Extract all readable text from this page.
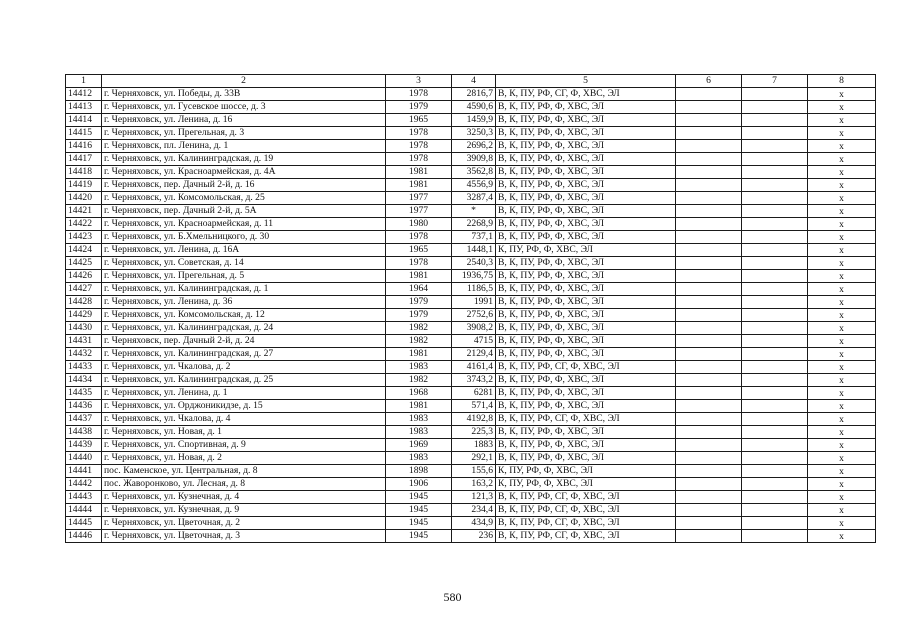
1	2	3	4	5	6	7	8
14412	г. Черняховск, ул. Победы, д. 33В	1978	2816,7	В, К, ПУ, РФ, СГ, Ф, ХВС, ЭЛ			х
14413	г. Черняховск, ул. Гусевское шоссе, д. 3	1979	4590,6	В, К, ПУ, РФ, Ф, ХВС, ЭЛ			х
14414	г. Черняховск, ул. Ленина, д. 16	1965	1459,9	В, К, ПУ, РФ, Ф, ХВС, ЭЛ			х
14415	г. Черняховск, ул. Прегельная, д. 3	1978	3250,3	В, К, ПУ, РФ, Ф, ХВС, ЭЛ			х
14416	г. Черняховск, пл. Ленина, д. 1	1978	2696,2	В, К, ПУ, РФ, Ф, ХВС, ЭЛ			х
14417	г. Черняховск, ул. Калининградская, д. 19	1978	3909,8	В, К, ПУ, РФ, Ф, ХВС, ЭЛ			х
14418	г. Черняховск, ул. Красноармейская, д. 4А	1981	3562,8	В, К, ПУ, РФ, Ф, ХВС, ЭЛ			х
14419	г. Черняховск, пер. Дачный 2-й, д. 16	1981	4556,9	В, К, ПУ, РФ, Ф, ХВС, ЭЛ			х
14420	г. Черняховск, ул. Комсомольская, д. 25	1977	3287,4	В, К, ПУ, РФ, Ф, ХВС, ЭЛ			х
14421	г. Черняховск, пер. Дачный 2-й, д. 5А	1977	*	В, К, ПУ, РФ, Ф, ХВС, ЭЛ			х
14422	г. Черняховск, ул. Красноармейская, д. 11	1980	2268,9	В, К, ПУ, РФ, Ф, ХВС, ЭЛ			х
14423	г. Черняховск, ул. Б.Хмельницкого, д. 30	1978	737,1	В, К, ПУ, РФ, Ф, ХВС, ЭЛ			х
14424	г. Черняховск, ул. Ленина, д. 16А	1965	1448,1	К, ПУ, РФ, Ф, ХВС, ЭЛ			х
14425	г. Черняховск, ул. Советская, д. 14	1978	2540,3	В, К, ПУ, РФ, Ф, ХВС, ЭЛ			х
14426	г. Черняховск, ул. Прегельная, д. 5	1981	1936,75	В, К, ПУ, РФ, Ф, ХВС, ЭЛ			х
14427	г. Черняховск, ул. Калининградская, д. 1	1964	1186,5	В, К, ПУ, РФ, Ф, ХВС, ЭЛ			х
14428	г. Черняховск, ул. Ленина, д. 36	1979	1991	В, К, ПУ, РФ, Ф, ХВС, ЭЛ			х
14429	г. Черняховск, ул. Комсомольская, д. 12	1979	2752,6	В, К, ПУ, РФ, Ф, ХВС, ЭЛ			х
14430	г. Черняховск, ул. Калининградская, д. 24	1982	3908,2	В, К, ПУ, РФ, Ф, ХВС, ЭЛ			х
14431	г. Черняховск, пер. Дачный 2-й, д. 24	1982	4715	В, К, ПУ, РФ, Ф, ХВС, ЭЛ			х
14432	г. Черняховск, ул. Калининградская, д. 27	1981	2129,4	В, К, ПУ, РФ, Ф, ХВС, ЭЛ			х
14433	г. Черняховск, ул. Чкалова, д. 2	1983	4161,4	В, К, ПУ, РФ, СГ, Ф, ХВС, ЭЛ			х
14434	г. Черняховск, ул. Калининградская, д. 25	1982	3743,2	В, К, ПУ, РФ, Ф, ХВС, ЭЛ			х
14435	г. Черняховск, ул. Ленина, д. 1	1968	6281	В, К, ПУ, РФ, Ф, ХВС, ЭЛ			х
14436	г. Черняховск, ул. Орджоникидзе, д. 15	1981	571,4	В, К, ПУ, РФ, Ф, ХВС, ЭЛ			х
14437	г. Черняховск, ул. Чкалова, д. 4	1983	4192,8	В, К, ПУ, РФ, СГ, Ф, ХВС, ЭЛ			х
14438	г. Черняховск, ул. Новая, д. 1	1983	225,3	В, К, ПУ, РФ, Ф, ХВС, ЭЛ			х
14439	г. Черняховск, ул. Спортивная, д. 9	1969	1883	В, К, ПУ, РФ, Ф, ХВС, ЭЛ			х
14440	г. Черняховск, ул. Новая, д. 2	1983	292,1	В, К, ПУ, РФ, Ф, ХВС, ЭЛ			х
14441	пос. Каменское, ул. Центральная, д. 8	1898	155,6	К, ПУ, РФ, Ф, ХВС, ЭЛ			х
14442	пос. Жаворонково, ул. Лесная, д. 8	1906	163,2	К, ПУ, РФ, Ф, ХВС, ЭЛ			х
14443	г. Черняховск, ул. Кузнечная, д. 4	1945	121,3	В, К, ПУ, РФ, СГ, Ф, ХВС, ЭЛ			х
14444	г. Черняховск, ул. Кузнечная, д. 9	1945	234,4	В, К, ПУ, РФ, СГ, Ф, ХВС, ЭЛ			х
14445	г. Черняховск, ул. Цветочная, д. 2	1945	434,9	В, К, ПУ, РФ, СГ, Ф, ХВС, ЭЛ			х
14446	г. Черняховск, ул. Цветочная, д. 3	1945	236	В, К, ПУ, РФ, СГ, Ф, ХВС, ЭЛ			х
580
